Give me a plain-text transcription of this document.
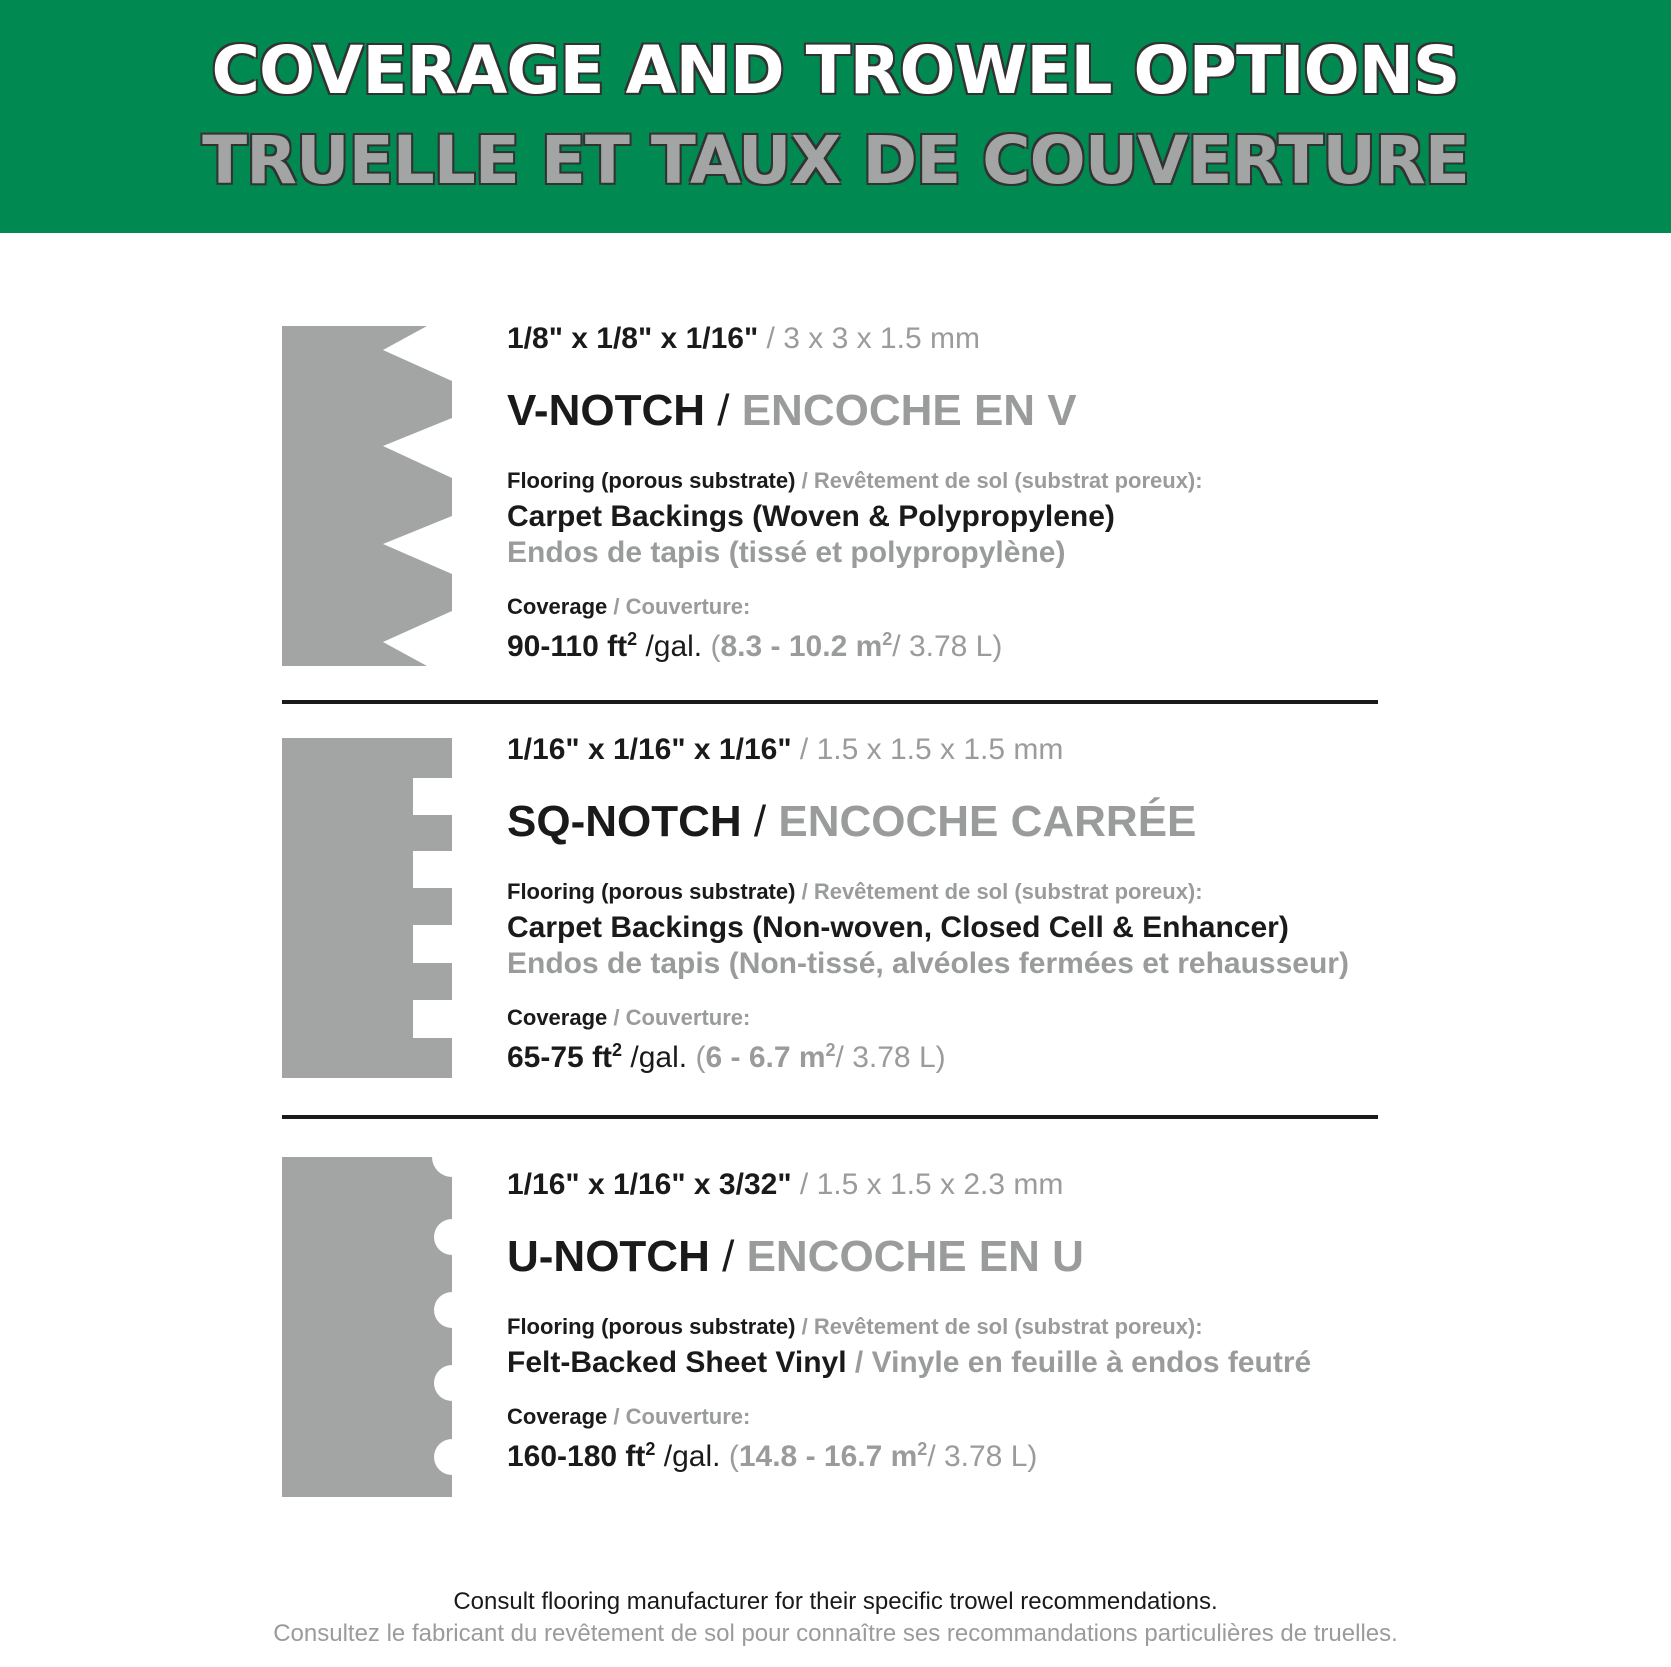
COVERAGE AND TROWEL OPTIONS
TRUELLE ET TAUX DE COUVERTURE
1/8" x 1/8" x 1/16" / 3 x 3 x 1.5 mm
V-NOTCH / ENCOCHE EN V
Flooring (porous substrate) / Revêtement de sol (substrat poreux):
Carpet Backings (Woven & Polypropylene)
Endos de tapis (tissé et polypropylène)
Coverage / Couverture:
90-110 $ft^2$ /gal. (8.3 - 10.2 $m^2/$ 3.78 L)
1/16" x 1/16" x 1/16" / 1.5 x 1.5 x 1.5 mm
SQ-NOTCH / ENCOCHE CARRÉE
Flooring (porous substrate) / Revêtement de sol (substrat poreux):
Carpet Backings (Non-woven, Closed Cell & Enhancer)
Endos de tapis (Non-tissé, alvéoles fermées et rehausseur)
Coverage / Couverture:
65-75 $ft^2$ /gal. (6 - 6.7 $m^2/$ 3.78 L)
1/16" x 1/16" x 3/32" / 1.5 x 1.5 x 2.3 mm
U-NOTCH / ENCOCHE EN U
Flooring (porous substrate) / Revêtement de sol (substrat poreux):
Felt-Backed Sheet Vinyl / Vinyle en feuille à endos feutré
Coverage / Couverture:
160-180 $ft^2$ /gal. (14.8 - 16.7 $m^2/$ 3.78 L)
Consult flooring manufacturer for their specific trowel recommendations.
Consultez le fabricant du revêtement de sol pour connaître ses recommandations particulières de truelles.
